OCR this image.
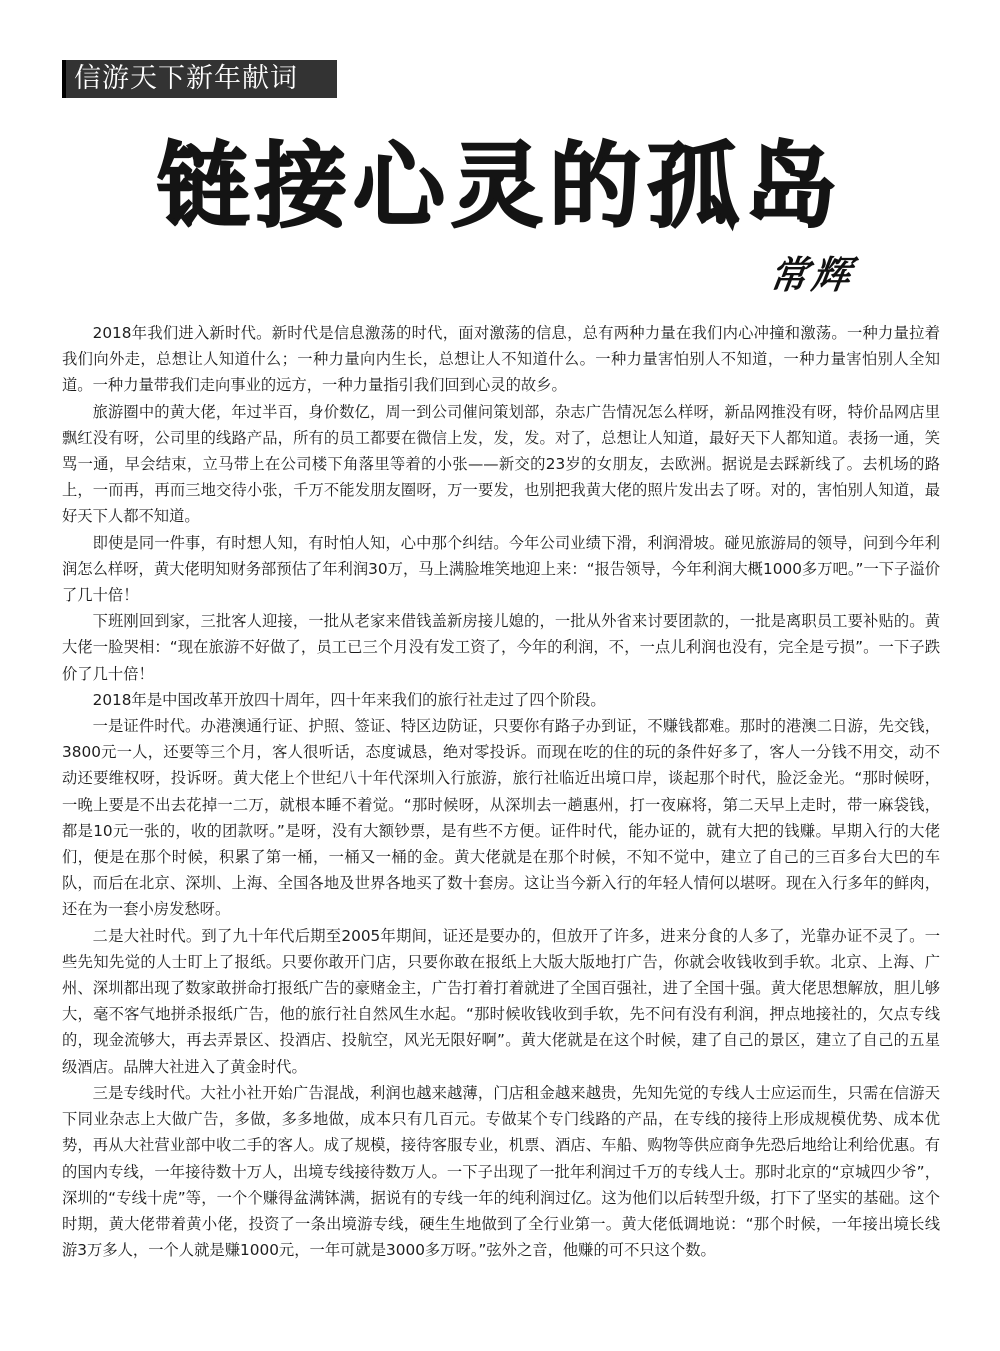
信游天下新年献词
链接心灵的孤岛
常辉

2018年我们进入新时代。新时代是信息激荡的时代，面对激荡的信息，总有两种力量在我们内心冲撞和激荡。一种力量拉着我们向外走，总想让人知道什么；一种力量向内生长，总想让人不知道什么。一种力量害怕别人不知道，一种力量害怕别人全知道。一种力量带我们走向事业的远方，一种力量指引我们回到心灵的故乡。

旅游圈中的黄大佬，年过半百，身价数亿，周一到公司催问策划部，杂志广告情况怎么样呀，新品网推没有呀，特价品网店里飘红没有呀，公司里的线路产品，所有的员工都要在微信上发，发，发。对了，总想让人知道，最好天下人都知道。表扬一通，笑骂一通，早会结束，立马带上在公司楼下角落里等着的小张——新交的23岁的女朋友，去欧洲。据说是去踩新线了。去机场的路上，一而再，再而三地交待小张，千万不能发朋友圈呀，万一要发，也别把我黄大佬的照片发出去了呀。对的，害怕别人知道，最好天下人都不知道。

即使是同一件事，有时想人知，有时怕人知，心中那个纠结。今年公司业绩下滑，利润滑坡。碰见旅游局的领导，问到今年利润怎么样呀，黄大佬明知财务部预估了年利润30万，马上满脸堆笑地迎上来：“报告领导，今年利润大概1000多万吧。”一下子溢价了几十倍！

下班刚回到家，三批客人迎接，一批从老家来借钱盖新房接儿媳的，一批从外省来讨要团款的，一批是离职员工要补贴的。黄大佬一脸哭相：“现在旅游不好做了，员工已三个月没有发工资了，今年的利润，不，一点儿利润也没有，完全是亏损”。一下子跌价了几十倍！

2018年是中国改革开放四十周年，四十年来我们的旅行社走过了四个阶段。

一是证件时代。办港澳通行证、护照、签证、特区边防证，只要你有路子办到证，不赚钱都难。那时的港澳二日游，先交钱，3800元一人，还要等三个月，客人很听话，态度诚恳，绝对零投诉。而现在吃的住的玩的条件好多了，客人一分钱不用交，动不动还要维权呀，投诉呀。黄大佬上个世纪八十年代深圳入行旅游，旅行社临近出境口岸，谈起那个时代，脸泛金光。“那时候呀，一晚上要是不出去花掉一二万，就根本睡不着觉。“那时候呀，从深圳去一趟惠州，打一夜麻将，第二天早上走时，带一麻袋钱，都是10元一张的，收的团款呀。”是呀，没有大额钞票，是有些不方便。证件时代，能办证的，就有大把的钱赚。早期入行的大佬们，便是在那个时候，积累了第一桶，一桶又一桶的金。黄大佬就是在那个时候，不知不觉中，建立了自己的三百多台大巴的车队，而后在北京、深圳、上海、全国各地及世界各地买了数十套房。这让当今新入行的年轻人情何以堪呀。现在入行多年的鲜肉，还在为一套小房发愁呀。

二是大社时代。到了九十年代后期至2005年期间，证还是要办的，但放开了许多，进来分食的人多了，光靠办证不灵了。一些先知先觉的人士盯上了报纸。只要你敢开门店，只要你敢在报纸上大版大版地打广告，你就会收钱收到手软。北京、上海、广州、深圳都出现了数家敢拼命打报纸广告的豪赌金主，广告打着打着就进了全国百强社，进了全国十强。黄大佬思想解放，胆儿够大，毫不客气地拼杀报纸广告，他的旅行社自然风生水起。“那时候收钱收到手软，先不问有没有利润，押点地接社的，欠点专线的，现金流够大，再去弄景区、投酒店、投航空，风光无限好啊”。黄大佬就是在这个时候，建了自己的景区，建立了自己的五星级酒店。品牌大社进入了黄金时代。

三是专线时代。大社小社开始广告混战，利润也越来越薄，门店租金越来越贵，先知先觉的专线人士应运而生，只需在信游天下同业杂志上大做广告，多做，多多地做，成本只有几百元。专做某个专门线路的产品，在专线的接待上形成规模优势、成本优势，再从大社营业部中收二手的客人。成了规模，接待客服专业，机票、酒店、车船、购物等供应商争先恐后地给让利给优惠。有的国内专线，一年接待数十万人，出境专线接待数万人。一下子出现了一批年利润过千万的专线人士。那时北京的“京城四少爷”，深圳的“专线十虎”等，一个个赚得盆满钵满，据说有的专线一年的纯利润过亿。这为他们以后转型升级，打下了坚实的基础。这个时期，黄大佬带着黄小佬，投资了一条出境游专线，硬生生地做到了全行业第一。黄大佬低调地说：“那个时候，一年接出境长线游3万多人，一个人就是赚1000元，一年可就是3000多万呀。”弦外之音，他赚的可不只这个数。
